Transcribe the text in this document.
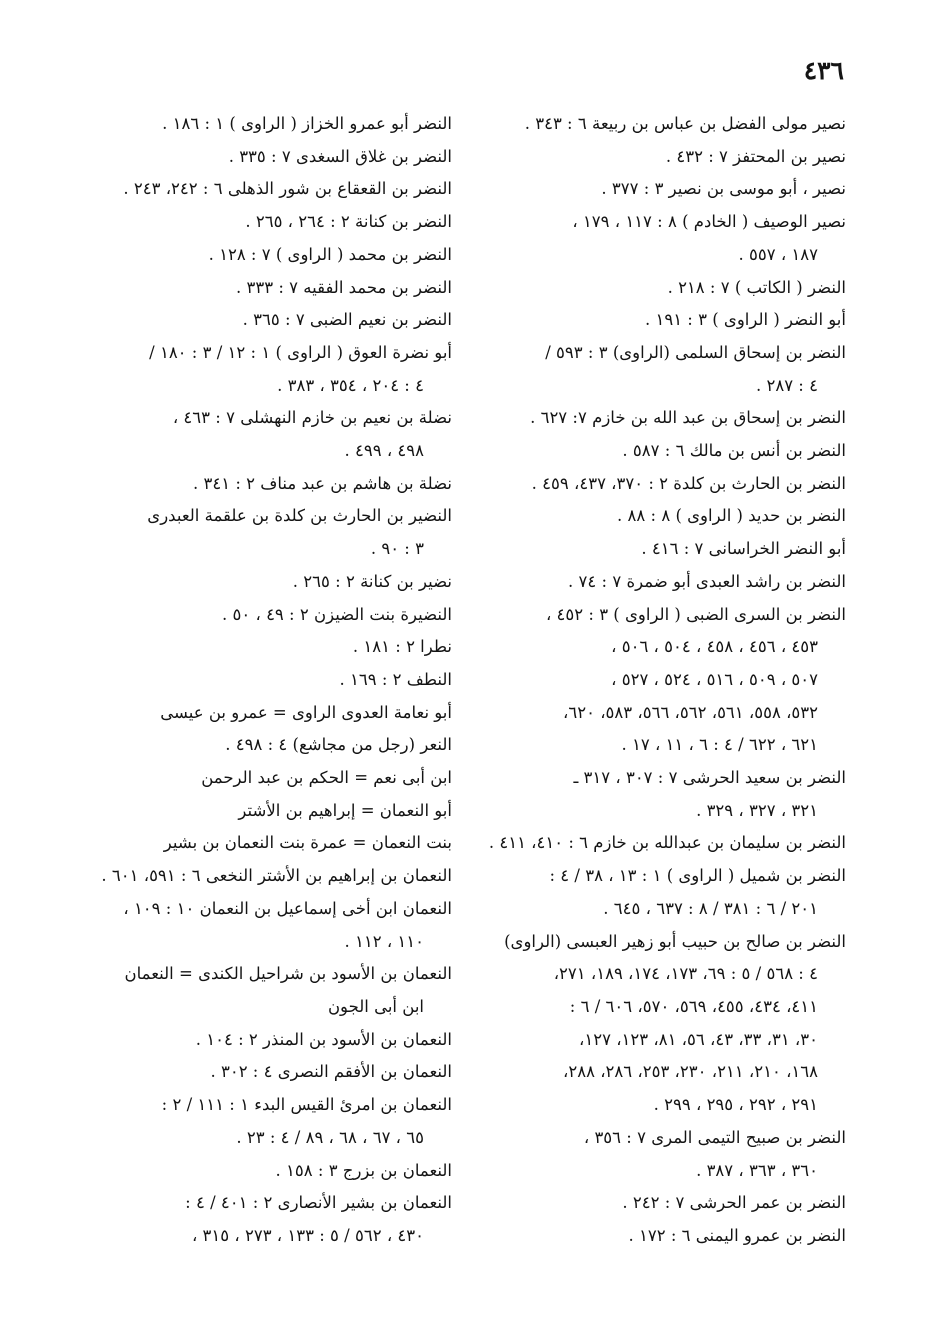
٤٣٦
نصير مولى الفضل بن عباس بن ربيعة ٦ : ٣٤٣ .
نصير بن المحتفز ٧ : ٤٣٢ .
نصير ، أبو موسى بن نصير ٣ : ٣٧٧ .
نصير الوصيف ( الخادم ) ٨ : ١١٧ ، ١٧٩ ،
١٨٧ ، ٥٥٧ .
النضر ( الكاتب ) ٧ : ٢١٨ .
أبو النضر ( الراوى ) ٣ : ١٩١ .
النضر بن إسحاق السلمى (الراوى) ٣ : ٥٩٣ /
٤ : ٢٨٧ .
النضر بن إسحاق بن عبد الله بن خازم ٧: ٦٢٧ .
النضر بن أنس بن مالك ٦ : ٥٨٧ .
النضر بن الحارث بن كلدة ٢ : ٣٧٠، ٤٣٧، ٤٥٩ .
النضر بن حديد ( الراوى ) ٨ : ٨٨ .
أبو النضر الخراسانى ٧ : ٤١٦ .
النضر بن راشد العبدى أبو ضمرة ٧ : ٧٤ .
النضر بن السرى الضبى ( الراوى ) ٣ : ٤٥٢ ،
٤٥٣ ، ٤٥٦ ، ٤٥٨ ، ٥٠٤ ، ٥٠٦ ،
٥٠٧ ، ٥٠٩ ، ٥١٦ ، ٥٢٤ ، ٥٢٧ ،
٥٣٢، ٥٥٨، ٥٦١، ٥٦٢، ٥٦٦، ٥٨٣، ٦٢٠،
٦٢١ ، ٦٢٢ / ٤ : ٦ ، ١١ ، ١٧ .
النضر بن سعيد الحرشى ٧ : ٣٠٧ ، ٣١٧ ـ
٣٢١ ، ٣٢٧ ، ٣٢٩ .
النضر بن سليمان بن عبدالله بن خازم ٦ : ٤١٠، ٤١١ .
النضر بن شميل ( الراوى ) ١ : ١٣ ، ٣٨ / ٤ :
٢٠١ / ٦ : ٣٨١ / ٨ : ٦٣٧ ، ٦٤٥ .
النضر بن صالح بن حبيب أبو زهير العبسى (الراوى)
٤ : ٥٦٨ / ٥ : ٦٩، ١٧٣، ١٧٤، ١٨٩، ٢٧١،
٤١١، ٤٣٤، ٤٥٥، ٥٦٩، ٥٧٠، ٦٠٦ / ٦ :
٣٠، ٣١، ٣٣، ٤٣، ٥٦، ٨١، ١٢٣، ١٢٧،
١٦٨، ٢١٠، ٢١١، ٢٣٠، ٢٥٣، ٢٨٦، ٢٨٨،
٢٩١ ، ٢٩٢ ، ٢٩٥ ، ٢٩٩ .
النضر بن صبيح التيمى المرى ٧ : ٣٥٦ ،
٣٦٠ ، ٣٦٣ ، ٣٨٧ .
النضر بن عمر الحرشى ٧ : ٢٤٢ .
النضر بن عمرو اليمنى ٦ : ١٧٢ .
النضر أبو عمرو الخزاز ( الراوى ) ١ : ١٨٦ .
النضر بن غلاق السغدى ٧ : ٣٣٥ .
النضر بن القعقاع بن شور الذهلى ٦ : ٢٤٢، ٢٤٣ .
النضر بن كنانة ٢ : ٢٦٤ ، ٢٦٥ .
النضر بن محمد ( الراوى ) ٧ : ١٢٨ .
النضر بن محمد الفقيه ٧ : ٣٣٣ .
النضر بن نعيم الضبى ٧ : ٣٦٥ .
أبو نضرة العوق ( الراوى ) ١ : ١٢ / ٣ : ١٨٠ /
٤ : ٢٠٤ ، ٣٥٤ ، ٣٨٣ .
نضلة بن نعيم بن خازم النهشلى ٧ : ٤٦٣ ،
٤٩٨ ، ٤٩٩ .
نضلة بن هاشم بن عبد مناف ٢ : ٣٤١ .
النضير بن الحارث بن كلدة بن علقمة العبدرى
٣ : ٩٠ .
نضير بن كنانة ٢ : ٢٦٥ .
النضيرة بنت الضيزن ٢ : ٤٩ ، ٥٠ .
نطرا ٢ : ١٨١ .
النطف ٢ : ١٦٩ .
أبو نعامة العدوى الراوى = عمرو بن عيسى
النعر (رجل من مجاشع) ٤ : ٤٩٨ .
ابن أبى نعم = الحكم بن عبد الرحمن
أبو النعمان = إبراهيم بن الأشتر
بنت النعمان = عمرة بنت النعمان بن بشير
النعمان بن إبراهيم بن الأشتر النخعى ٦ : ٥٩١، ٦٠١ .
النعمان ابن أخى إسماعيل بن النعمان ١٠ : ١٠٩ ،
١١٠ ، ١١٢ .
النعمان بن الأسود بن شراحيل الكندى = النعمان
ابن أبى الجون
النعمان بن الأسود بن المنذر ٢ : ١٠٤ .
النعمان بن الأفقم النصرى ٤ : ٣٠٢ .
النعمان بن امرئ القيس البدء ١ : ١١١ / ٢ :
٦٥ ، ٦٧ ، ٦٨ ، ٨٩ / ٤ : ٢٣ .
النعمان بن بزرج ٣ : ١٥٨ .
النعمان بن بشير الأنصارى ٢ : ٤٠١ / ٤ :
٤٣٠ ، ٥٦٢ / ٥ : ١٣٣ ، ٢٧٣ ، ٣١٥ ،
